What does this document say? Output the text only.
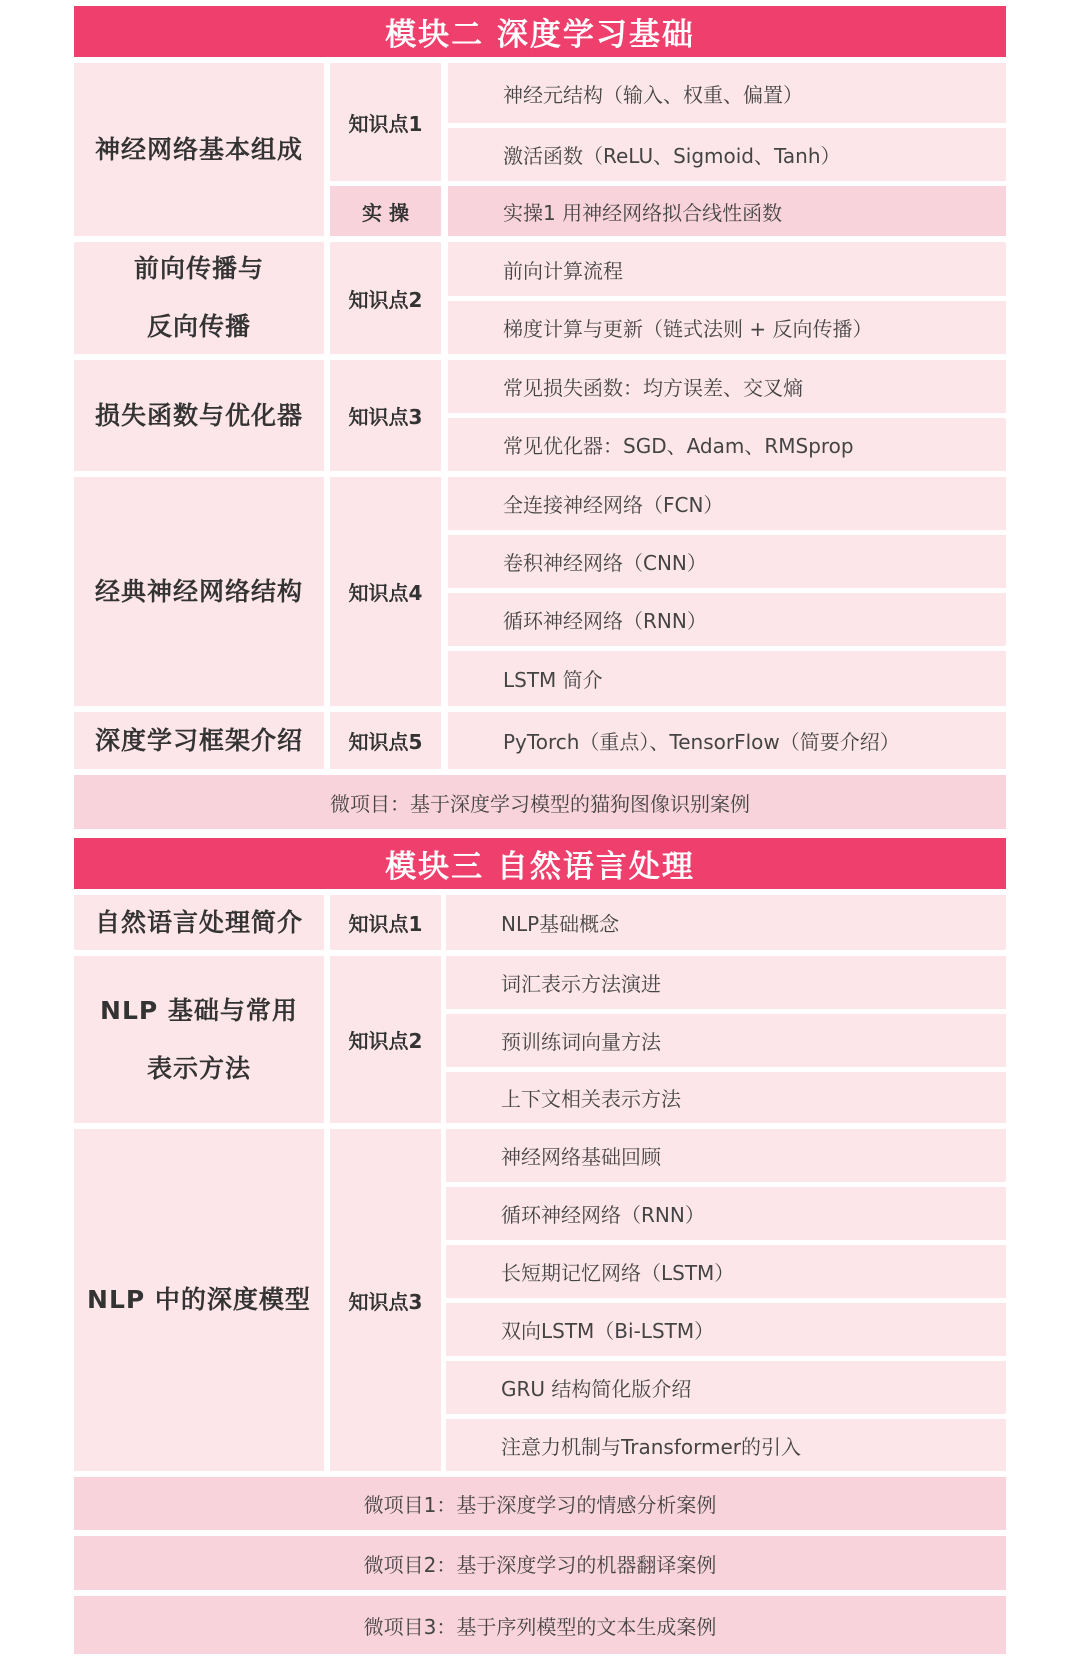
模块二 深度学习基础
神经网络基本组成
知识点1
实 操
神经元结构（输入、权重、偏置）
激活函数（ReLU、Sigmoid、Tanh）
实操1 用神经网络拟合线性函数
前向传播与
反向传播
知识点2
前向计算流程
梯度计算与更新（链式法则 + 反向传播）
损失函数与优化器 知识点3
常见损失函数：均方误差、交叉熵
常见优化器：SGD、Adam、RMSprop
经典神经网络结构 知识点4
全连接神经网络（FCN）
卷积神经网络（CNN）
循环神经网络（RNN）
LSTM 简介
深度学习框架介绍 知识点5	PyTorch（重点）、TensorFlow（简要介绍）
微项目：基于深度学习模型的猫狗图像识别案例
模块三 自然语言处理
自然语言处理简介 知识点1	NLP基础概念
NLP 基础与常用
表示方法
知识点2
词汇表示方法演进
预训练词向量方法
上下文相关表示方法
NLP 中的深度模型 知识点3
神经网络基础回顾
循环神经网络（RNN）
长短期记忆网络（LSTM）
双向LSTM（Bi-LSTM）
GRU 结构简化版介绍
注意力机制与Transformer的引入
微项目1：基于深度学习的情感分析案例
微项目2：基于深度学习的机器翻译案例
微项目3：基于序列模型的文本生成案例
